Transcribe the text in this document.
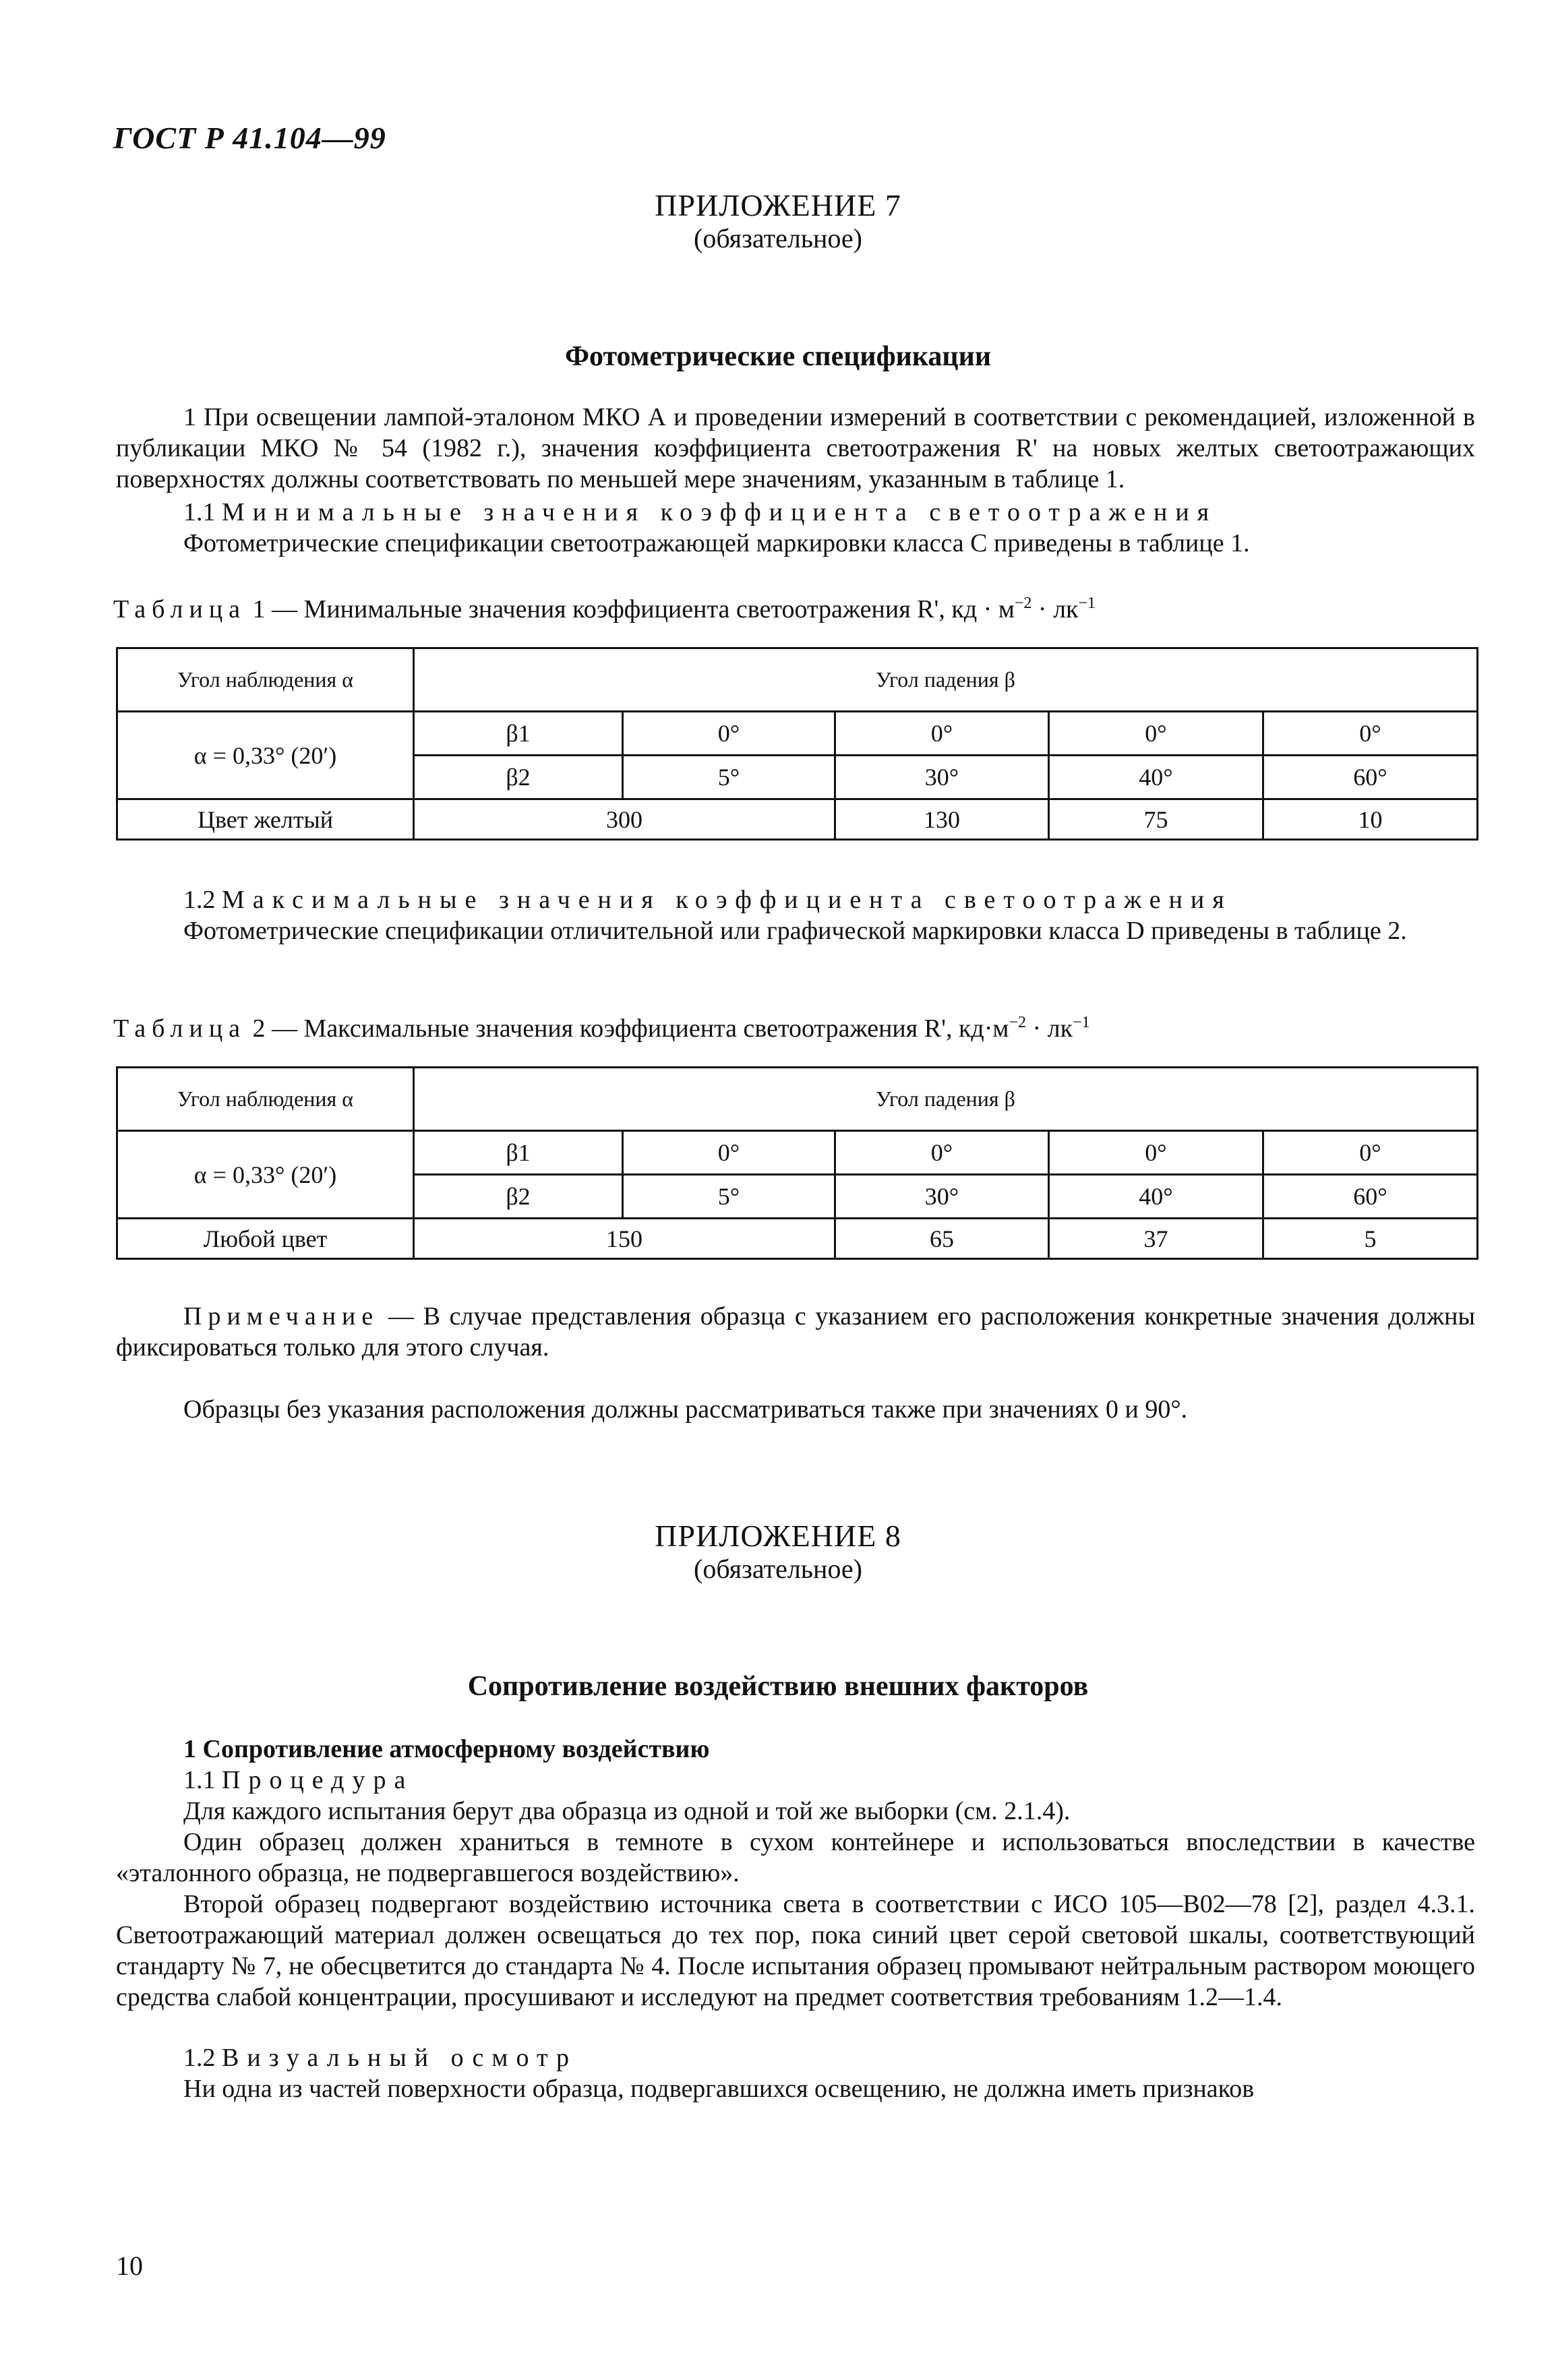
ГОСТ Р 41.104—99
ПРИЛОЖЕНИЕ 7
(обязательное)
Фотометрические спецификации
1 При освещении лампой-эталоном МКО А и проведении измерений в соответствии с рекомендацией, изложенной в публикации МКО № 54 (1982 г.), значения коэффициента светоотражения R' на новых желтых светоотражающих поверхностях должны соответствовать по меньшей мере значениям, указанным в таблице 1.
1.1 Минимальные значения коэффициента светоотражения
Фотометрические спецификации светоотражающей маркировки класса С приведены в таблице 1.
Таблица 1 — Минимальные значения коэффициента светоотражения R', кд · $м^{-2} \cdot лк^{-1}$
Угол наблюдения α	Угол падения β				
α = 0,33° (20′)	β1	0°	0°	0°	0°
	β2	5°	30°	40°	60°
Цвет желтый	300		130	75	10
1.2 Максимальные значения коэффициента светоотражения
Фотометрические спецификации отличительной или графической маркировки класса D приведены в таблице 2.
Таблица 2 — Максимальные значения коэффициента светоотражения R', $кд\cdot м^{-2} \cdot лк^{-1}$
Угол наблюдения α	Угол падения β				
α = 0,33° (20′)	β1	0°	0°	0°	0°
	β2	5°	30°	40°	60°
Любой цвет	150		65	37	5
Примечание — В случае представления образца с указанием его расположения конкретные значения должны фиксироваться только для этого случая.
Образцы без указания расположения должны рассматриваться также при значениях 0 и 90°.
ПРИЛОЖЕНИЕ 8
(обязательное)
Сопротивление воздействию внешних факторов
1 Сопротивление атмосферному воздействию
1.1 Процедура
Для каждого испытания берут два образца из одной и той же выборки (см. 2.1.4).
Один образец должен храниться в темноте в сухом контейнере и использоваться впоследствии в качестве «эталонного образца, не подвергавшегося воздействию».
Второй образец подвергают воздействию источника света в соответствии с ИСО 105—В02—78 [2], раздел 4.3.1. Светоотражающий материал должен освещаться до тех пор, пока синий цвет серой световой шкалы, соответствующий стандарту № 7, не обесцветится до стандарта № 4. После испытания образец промывают нейтральным раствором моющего средства слабой концентрации, просушивают и исследуют на предмет соответствия требованиям 1.2—1.4.
1.2 Визуальный осмотр
Ни одна из частей поверхности образца, подвергавшихся освещению, не должна иметь признаков
10
